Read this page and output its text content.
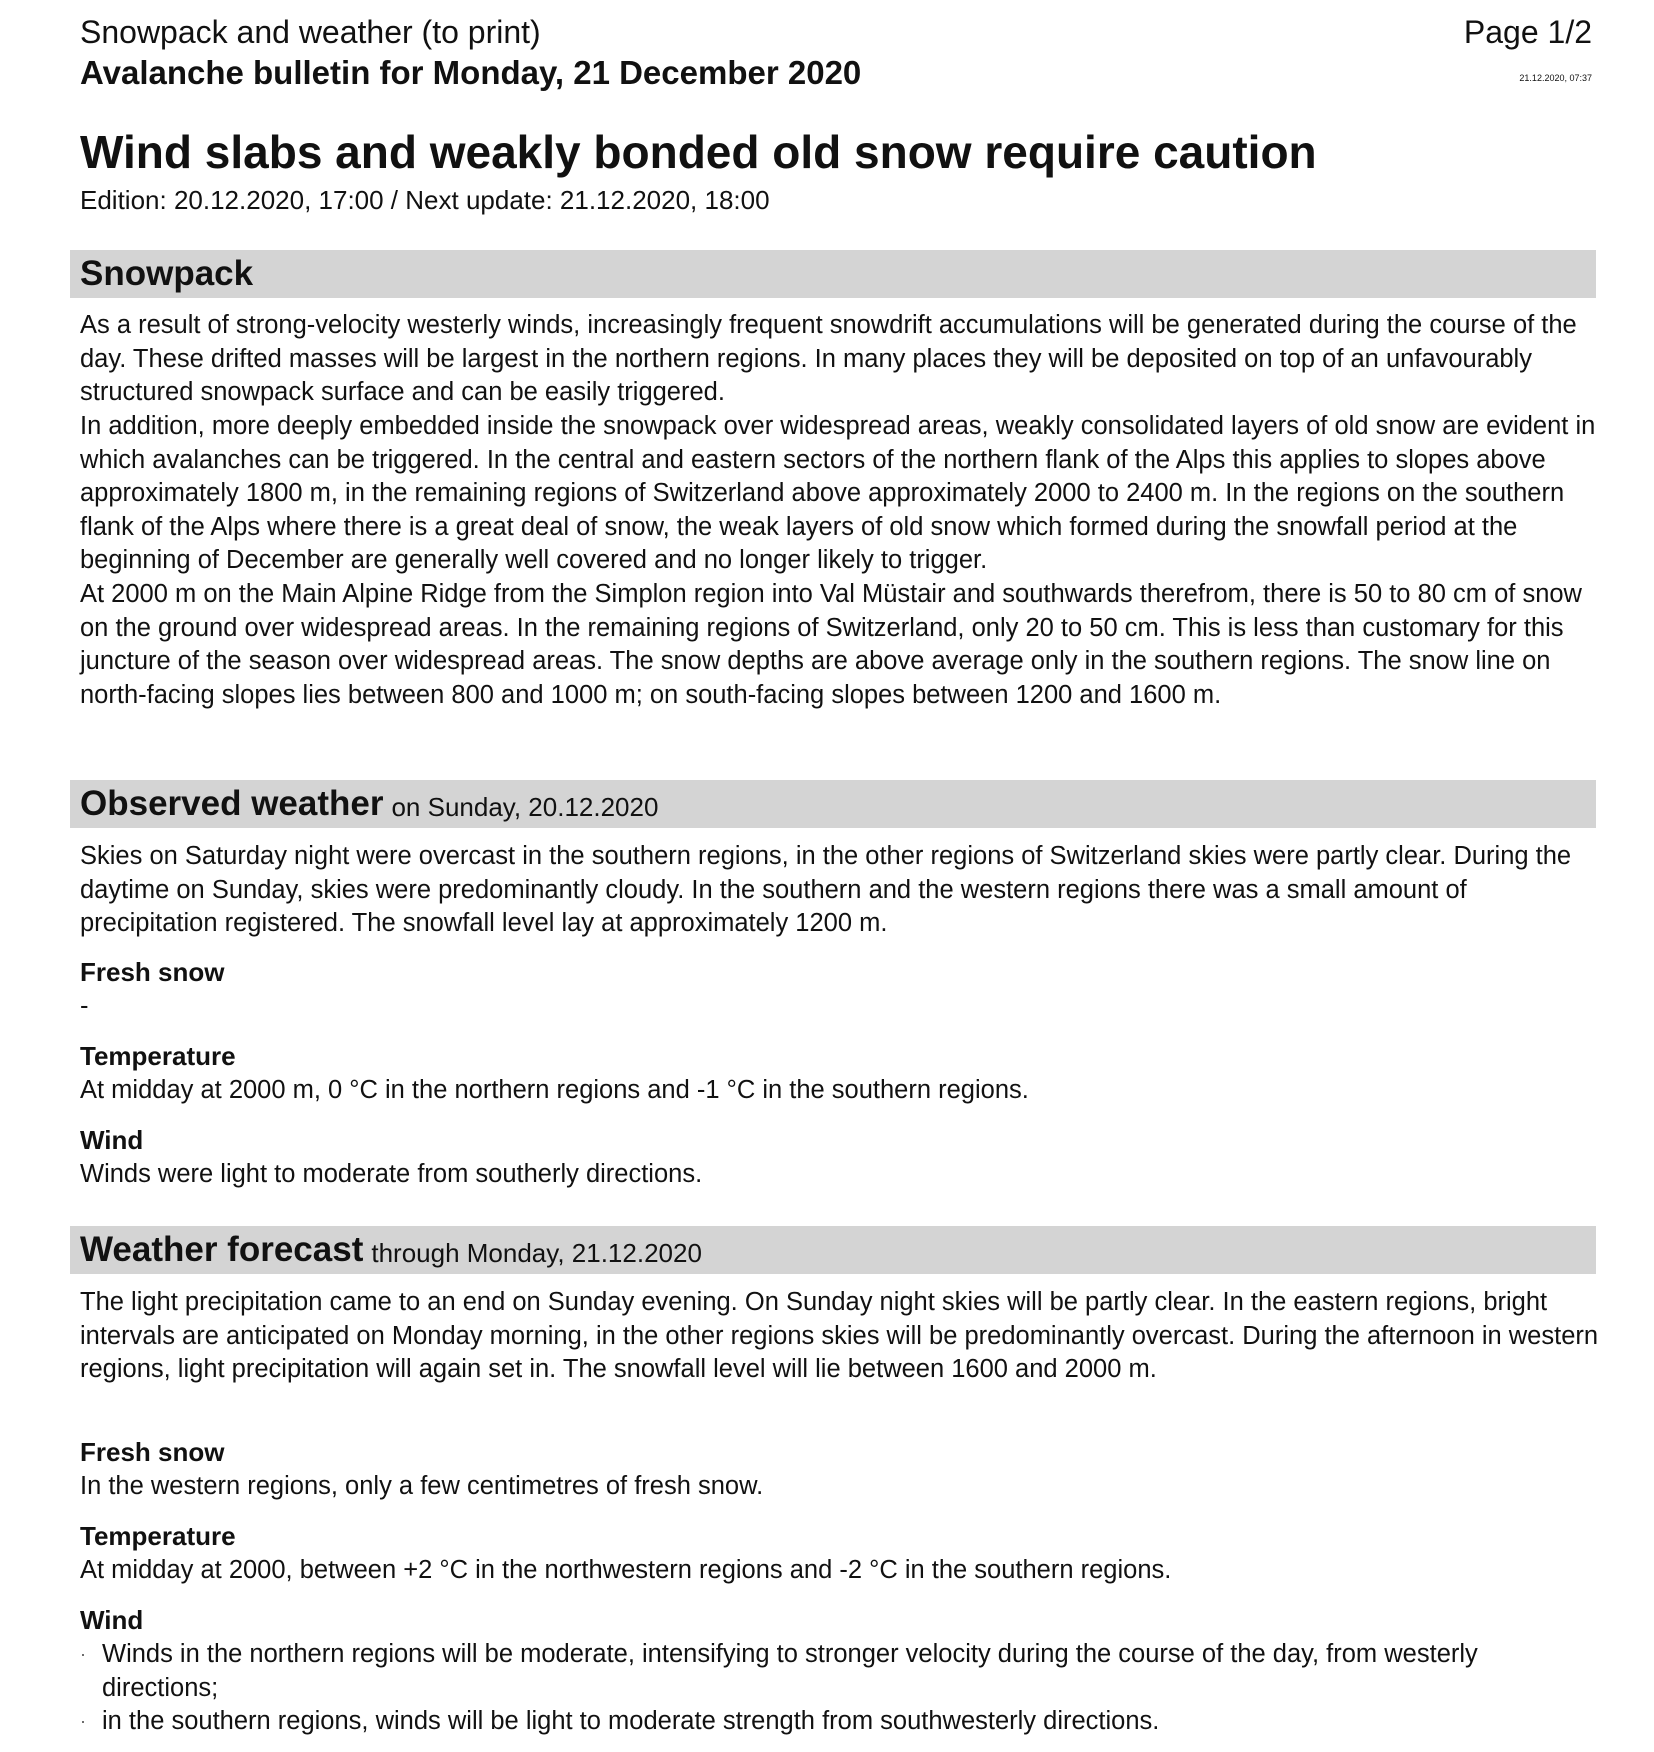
Snowpack and weather (to print)
Avalanche bulletin for Monday, 21 December 2020
Page 1/2
21.12.2020, 07:37
Wind slabs and weakly bonded old snow require caution
Edition: 20.12.2020, 17:00 / Next update: 21.12.2020, 18:00
Snowpack
As a result of strong-velocity westerly winds, increasingly frequent snowdrift accumulations will be generated during the course of the day. These drifted masses will be largest in the northern regions. In many places they will be deposited on top of an unfavourably structured snowpack surface and can be easily triggered.
In addition, more deeply embedded inside the snowpack over widespread areas, weakly consolidated layers of old snow are evident in which avalanches can be triggered. In the central and eastern sectors of the northern flank of the Alps this applies to slopes above approximately 1800 m, in the remaining regions of Switzerland above approximately 2000 to 2400 m. In the regions on the southern flank of the Alps where there is a great deal of snow, the weak layers of old snow which formed during the snowfall period at the beginning of December are generally well covered and no longer likely to trigger.
At 2000 m on the Main Alpine Ridge from the Simplon region into Val Müstair and southwards therefrom, there is 50 to 80 cm of snow on the ground over widespread areas. In the remaining regions of Switzerland, only 20 to 50 cm. This is less than customary for this juncture of the season over widespread areas. The snow depths are above average only in the southern regions. The snow line on north-facing slopes lies between 800 and 1000 m; on south-facing slopes between 1200 and 1600 m.
Observed weather on Sunday, 20.12.2020
Skies on Saturday night were overcast in the southern regions, in the other regions of Switzerland skies were partly clear. During the daytime on Sunday, skies were predominantly cloudy. In the southern and the western regions there was a small amount of precipitation registered. The snowfall level lay at approximately 1200 m.
Fresh snow
-
Temperature
At midday at 2000 m, 0 °C in the northern regions and -1 °C in the southern regions.
Wind
Winds were light to moderate from southerly directions.
Weather forecast through Monday, 21.12.2020
The light precipitation came to an end on Sunday evening. On Sunday night skies will be partly clear. In the eastern regions, bright intervals are anticipated on Monday morning, in the other regions skies will be predominantly overcast. During the afternoon in western regions, light precipitation will again set in. The snowfall level will lie between 1600 and 2000 m.
Fresh snow
In the western regions, only a few centimetres of fresh snow.
Temperature
At midday at 2000, between +2 °C in the northwestern regions and -2 °C in the southern regions.
Wind
· Winds in the northern regions will be moderate, intensifying to stronger velocity during the course of the day, from westerly directions;
· in the southern regions, winds will be light to moderate strength from southwesterly directions.
